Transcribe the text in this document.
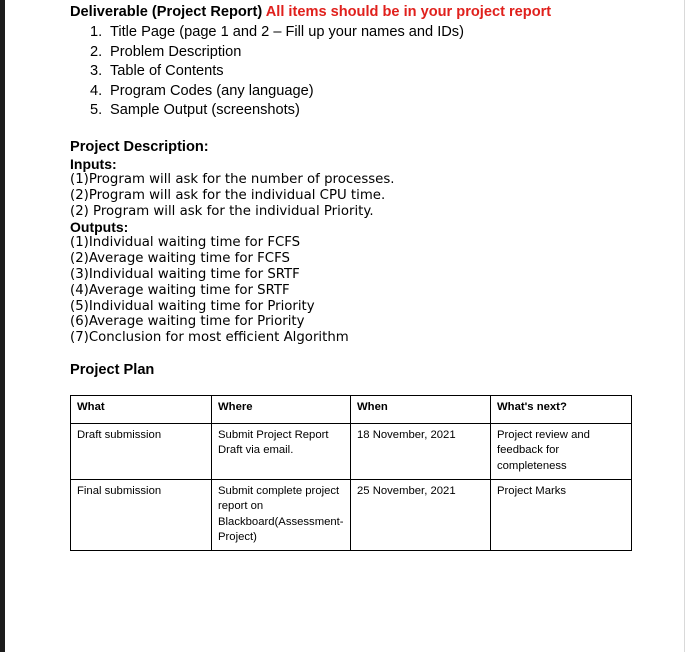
Deliverable (Project Report) All items should be in your project report
1. Title Page (page 1 and 2 – Fill up your names and IDs)
2. Problem Description
3. Table of Contents
4. Program Codes (any language)
5. Sample Output (screenshots)
Project Description:
Inputs:
(1)Program will ask for the number of processes.
(2)Program will ask for the individual CPU time.
(2) Program will ask for the individual Priority.
Outputs:
(1)Individual waiting time for FCFS
(2)Average waiting time for FCFS
(3)Individual waiting time for SRTF
(4)Average waiting time for SRTF
(5)Individual waiting time for Priority
(6)Average waiting time for Priority
(7)Conclusion for most efficient Algorithm
Project Plan
What	Where	When	What's next?
Draft submission	Submit Project Report Draft via email.	18 November, 2021	Project review and feedback for completeness
Final submission	Submit complete project report on Blackboard(Assessment-Project)	25 November, 2021	Project Marks
